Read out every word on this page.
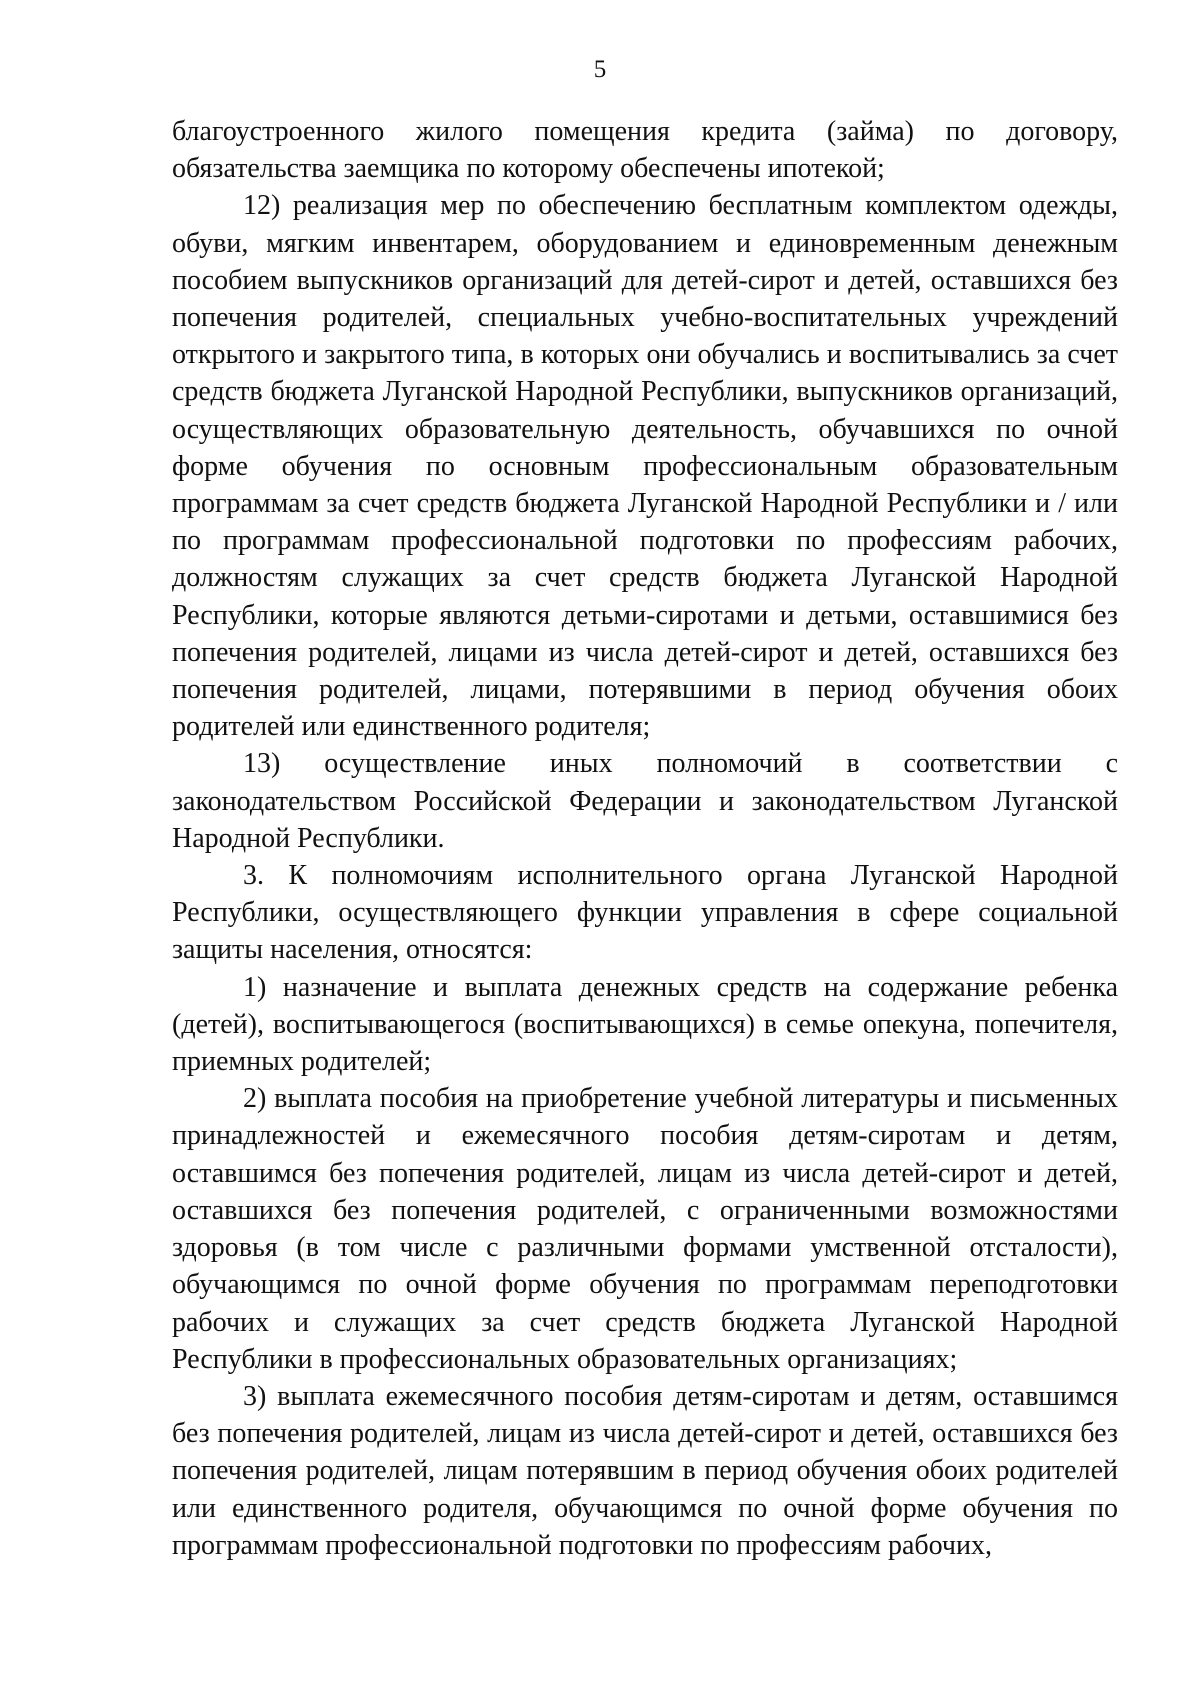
5

благоустроенного жилого помещения кредита (займа) по договору, обязательства заемщика по которому обеспечены ипотекой;

12) реализация мер по обеспечению бесплатным комплектом одежды, обуви, мягким инвентарем, оборудованием и единовременным денежным пособием выпускников организаций для детей-сирот и детей, оставшихся без попечения родителей, специальных учебно-воспитательных учреждений открытого и закрытого типа, в которых они обучались и воспитывались за счет средств бюджета Луганской Народной Республики, выпускников организаций, осуществляющих образовательную деятельность, обучавшихся по очной форме обучения по основным профессиональным образовательным программам за счет средств бюджета Луганской Народной Республики и / или по программам профессиональной подготовки по профессиям рабочих, должностям служащих за счет средств бюджета Луганской Народной Республики, которые являются детьми-сиротами и детьми, оставшимися без попечения родителей, лицами из числа детей-сирот и детей, оставшихся без попечения родителей, лицами, потерявшими в период обучения обоих родителей или единственного родителя;

13) осуществление иных полномочий в соответствии с законодательством Российской Федерации и законодательством Луганской Народной Республики.

3. К полномочиям исполнительного органа Луганской Народной Республики, осуществляющего функции управления в сфере социальной защиты населения, относятся:

1) назначение и выплата денежных средств на содержание ребенка (детей), воспитывающегося (воспитывающихся) в семье опекуна, попечителя, приемных родителей;

2) выплата пособия на приобретение учебной литературы и письменных принадлежностей и ежемесячного пособия детям-сиротам и детям, оставшимся без попечения родителей, лицам из числа детей-сирот и детей, оставшихся без попечения родителей, с ограниченными возможностями здоровья (в том числе с различными формами умственной отсталости), обучающимся по очной форме обучения по программам переподготовки рабочих и служащих за счет средств бюджета Луганской Народной Республики в профессиональных образовательных организациях;

3) выплата ежемесячного пособия детям-сиротам и детям, оставшимся без попечения родителей, лицам из числа детей-сирот и детей, оставшихся без попечения родителей, лицам потерявшим в период обучения обоих родителей или единственного родителя, обучающимся по очной форме обучения по программам профессиональной подготовки по профессиям рабочих,
